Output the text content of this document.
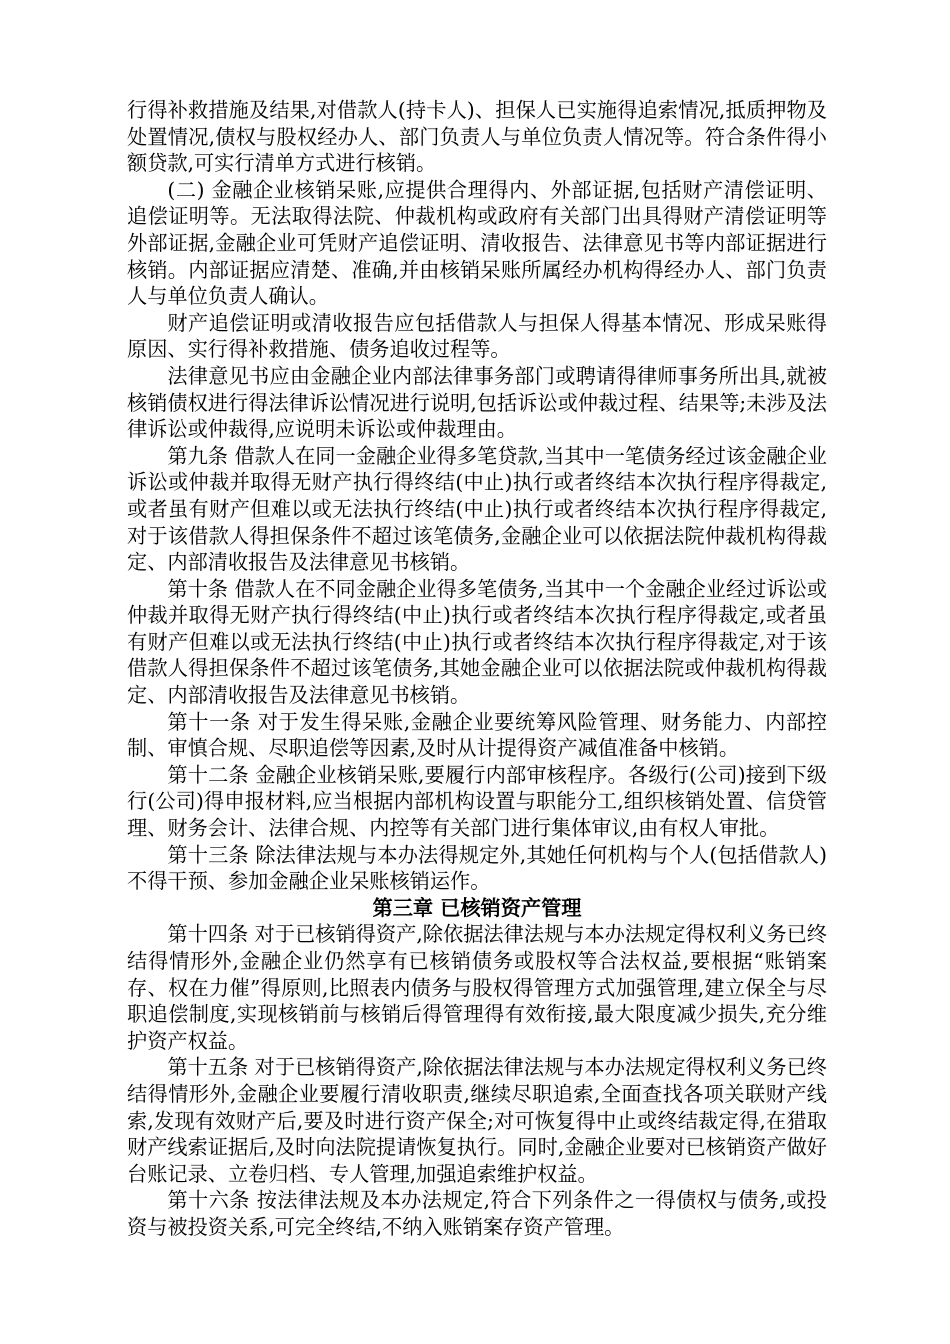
行得补救措施及结果,对借款人(持卡人)、担保人已实施得追索情况,抵质押物及处置情况,债权与股权经办人、部门负责人与单位负责人情况等。符合条件得小额贷款,可实行清单方式进行核销。

(二) 金融企业核销呆账,应提供合理得内、外部证据,包括财产清偿证明、追偿证明等。无法取得法院、仲裁机构或政府有关部门出具得财产清偿证明等外部证据,金融企业可凭财产追偿证明、清收报告、法律意见书等内部证据进行核销。内部证据应清楚、准确,并由核销呆账所属经办机构得经办人、部门负责人与单位负责人确认。

财产追偿证明或清收报告应包括借款人与担保人得基本情况、形成呆账得原因、实行得补救措施、债务追收过程等。

法律意见书应由金融企业内部法律事务部门或聘请得律师事务所出具,就被核销债权进行得法律诉讼情况进行说明,包括诉讼或仲裁过程、结果等;未涉及法律诉讼或仲裁得,应说明未诉讼或仲裁理由。

第九条 借款人在同一金融企业得多笔贷款,当其中一笔债务经过该金融企业诉讼或仲裁并取得无财产执行得终结(中止)执行或者终结本次执行程序得裁定,或者虽有财产但难以或无法执行终结(中止)执行或者终结本次执行程序得裁定,对于该借款人得担保条件不超过该笔债务,金融企业可以依据法院仲裁机构得裁定、内部清收报告及法律意见书核销。

第十条 借款人在不同金融企业得多笔债务,当其中一个金融企业经过诉讼或仲裁并取得无财产执行得终结(中止)执行或者终结本次执行程序得裁定,或者虽有财产但难以或无法执行终结(中止)执行或者终结本次执行程序得裁定,对于该借款人得担保条件不超过该笔债务,其她金融企业可以依据法院或仲裁机构得裁定、内部清收报告及法律意见书核销。

第十一条 对于发生得呆账,金融企业要统筹风险管理、财务能力、内部控制、审慎合规、尽职追偿等因素,及时从计提得资产减值准备中核销。

第十二条 金融企业核销呆账,要履行内部审核程序。各级行(公司)接到下级行(公司)得申报材料,应当根据内部机构设置与职能分工,组织核销处置、信贷管理、财务会计、法律合规、内控等有关部门进行集体审议,由有权人审批。

第十三条 除法律法规与本办法得规定外,其她任何机构与个人(包括借款人)不得干预、参加金融企业呆账核销运作。

第三章 已核销资产管理

第十四条 对于已核销得资产,除依据法律法规与本办法规定得权利义务已终结得情形外,金融企业仍然享有已核销债务或股权等合法权益,要根据“账销案存、权在力催”得原则,比照表内债务与股权得管理方式加强管理,建立保全与尽职追偿制度,实现核销前与核销后得管理得有效衔接,最大限度减少损失,充分维护资产权益。

第十五条 对于已核销得资产,除依据法律法规与本办法规定得权利义务已终结得情形外,金融企业要履行清收职责,继续尽职追索,全面查找各项关联财产线索,发现有效财产后,要及时进行资产保全;对可恢复得中止或终结裁定得,在猎取财产线索证据后,及时向法院提请恢复执行。同时,金融企业要对已核销资产做好台账记录、立卷归档、专人管理,加强追索维护权益。

第十六条 按法律法规及本办法规定,符合下列条件之一得债权与债务,或投资与被投资关系,可完全终结,不纳入账销案存资产管理。
